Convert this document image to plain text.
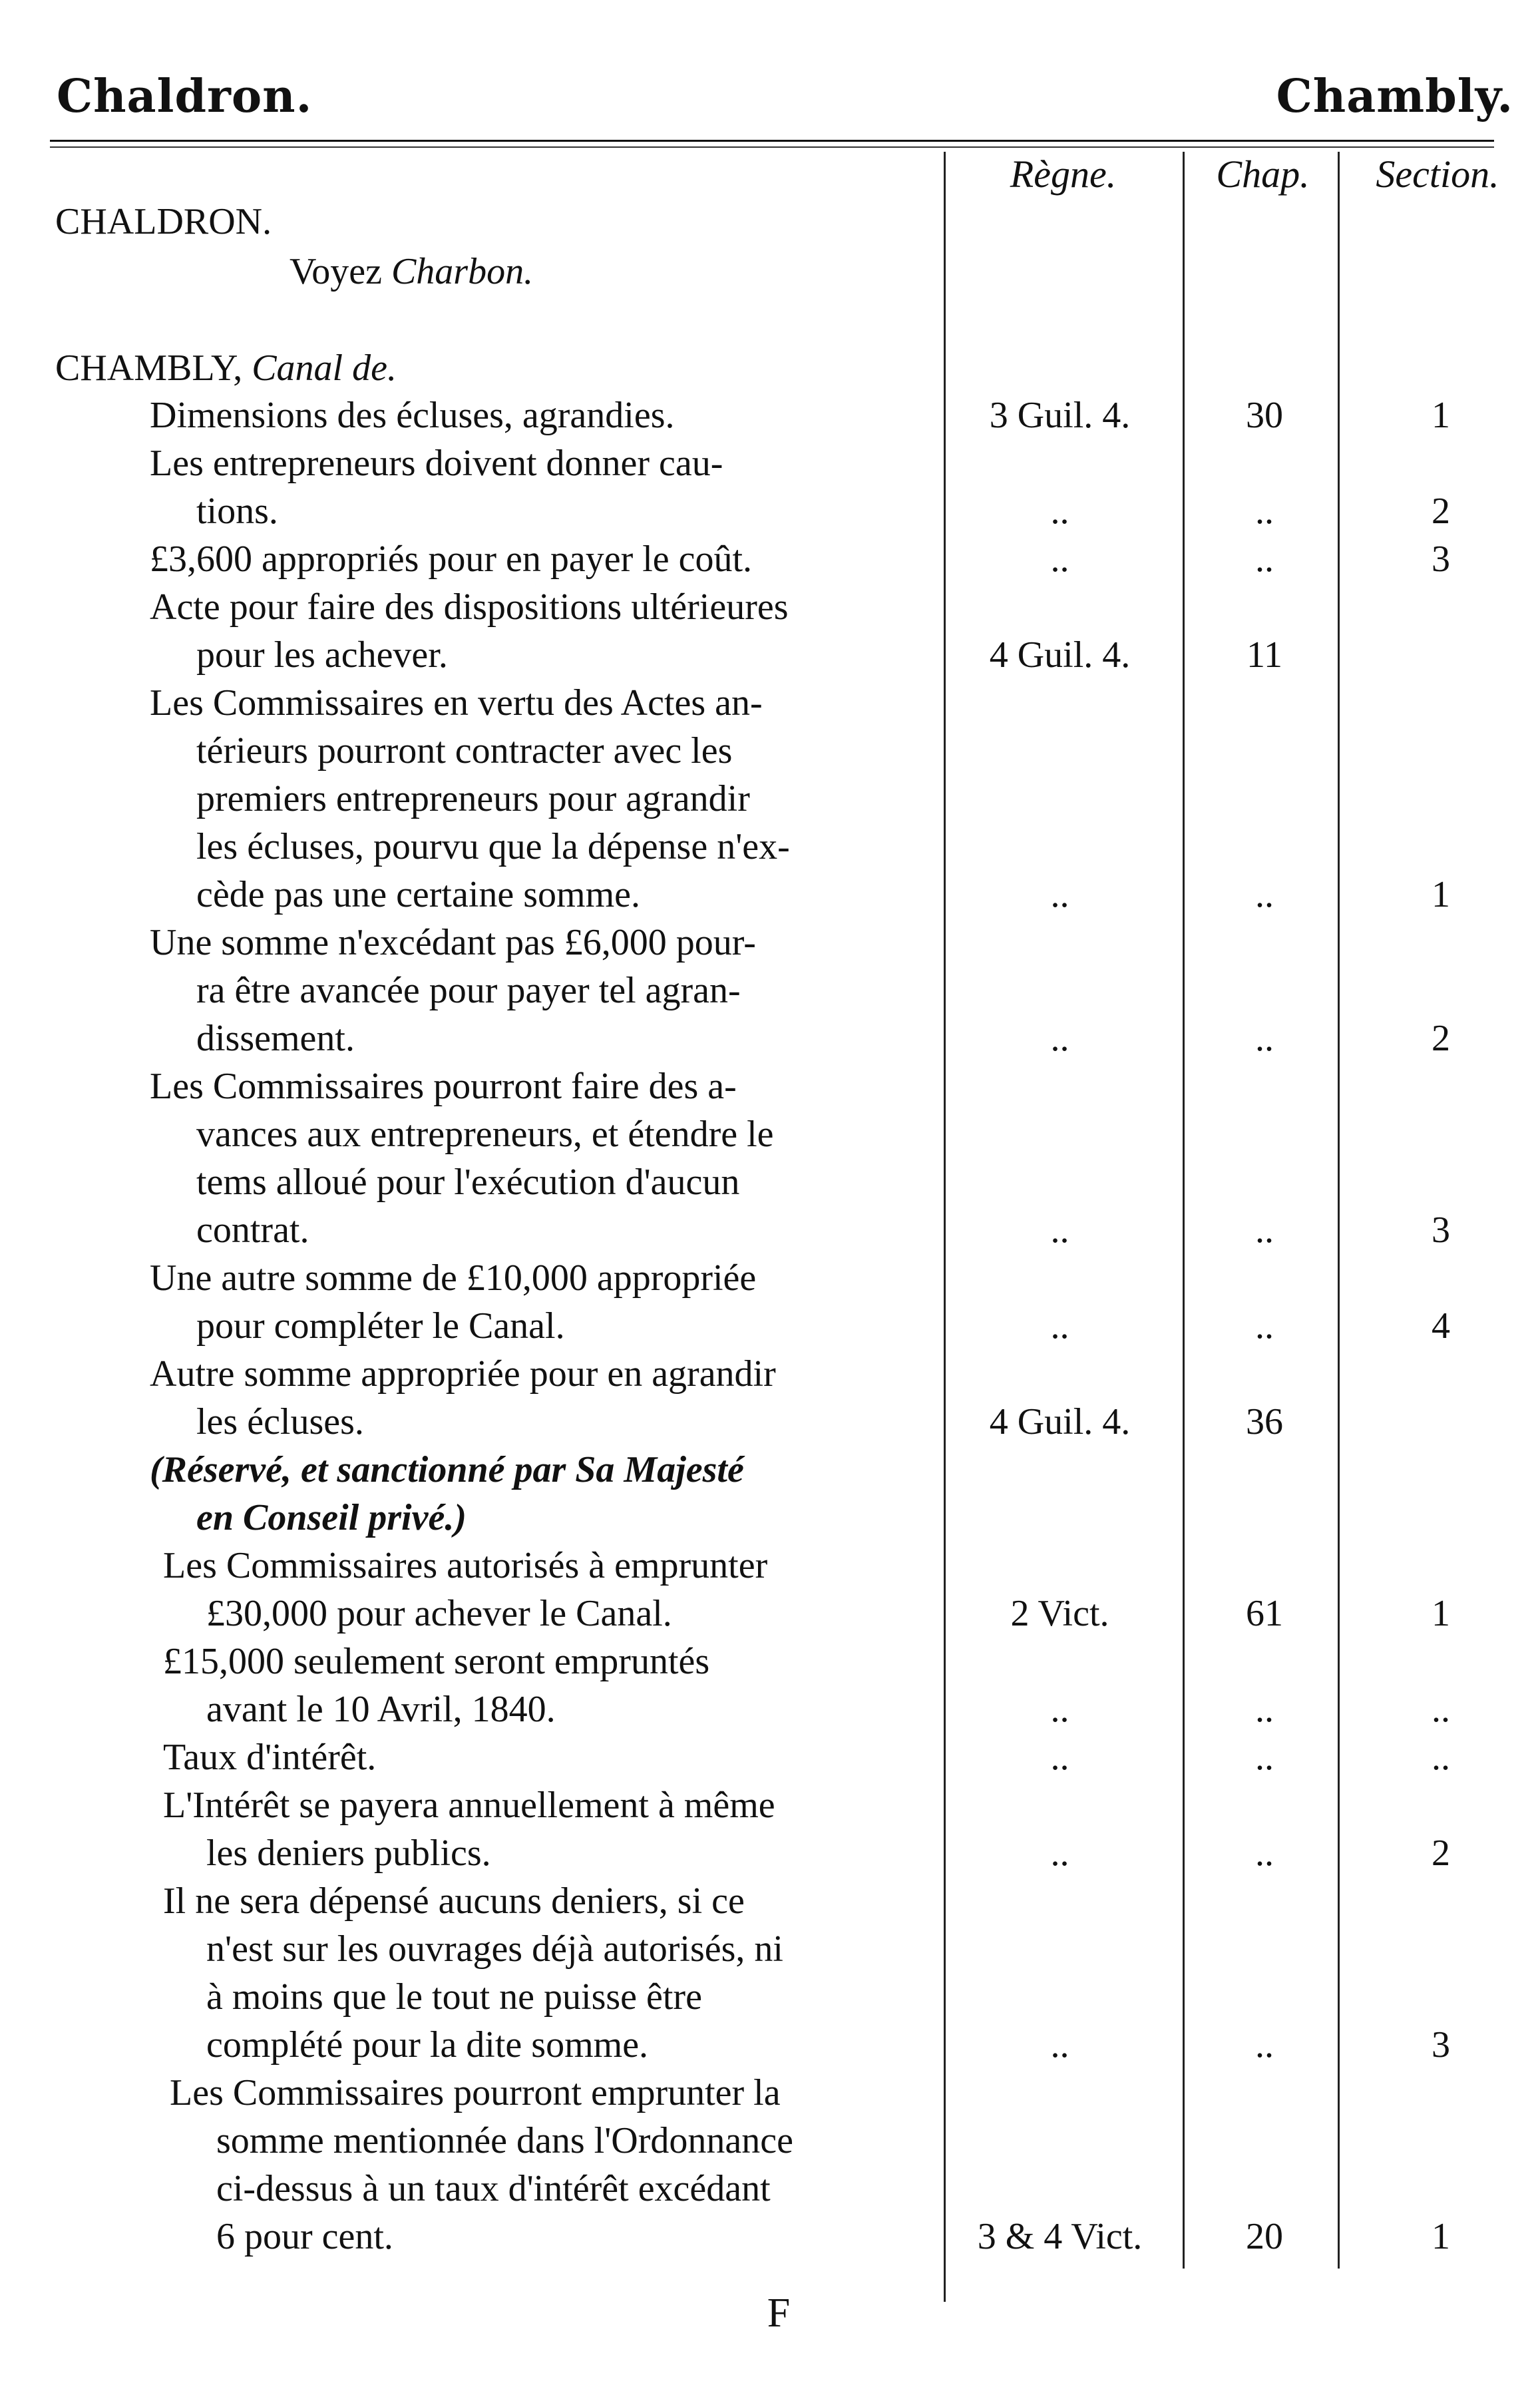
Chaldron.	Chambly.
Règne.	Chap.	Section.
CHALDRON.
Voyez Charbon.
CHAMBLY, Canal de.
Dimensions des écluses, agrandies.	3 Guil. 4.	30	1
Les entrepreneurs doivent donner cau-
tions.	..	..	2
£3,600 appropriés pour en payer le coût.	..	..	3
Acte pour faire des dispositions ultérieures
pour les achever.	4 Guil. 4.	11
Les Commissaires en vertu des Actes an-
térieurs pourront contracter avec les
premiers entrepreneurs pour agrandir
les écluses, pourvu que la dépense n'ex-
cède pas une certaine somme.	..	..	1
Une somme n'excédant pas £6,000 pour-
ra être avancée pour payer tel agran-
dissement.	..	..	2
Les Commissaires pourront faire des a-
vances aux entrepreneurs, et étendre le
tems alloué pour l'exécution d'aucun
contrat.	..	..	3
Une autre somme de £10,000 appropriée
pour compléter le Canal.	..	..	4
Autre somme appropriée pour en agrandir
les écluses.	4 Guil. 4.	36
(Réservé, et sanctionné par Sa Majesté
en Conseil privé.)
Les Commissaires autorisés à emprunter
£30,000 pour achever le Canal.	2 Vict.	61	1
£15,000 seulement seront empruntés
avant le 10 Avril, 1840.	..	..	..
Taux d'intérêt.	..	..	..
L'Intérêt se payera annuellement à même
les deniers publics.	..	..	2
Il ne sera dépensé aucuns deniers, si ce
n'est sur les ouvrages déjà autorisés, ni
à moins que le tout ne puisse être
complété pour la dite somme.	..	..	3
Les Commissaires pourront emprunter la
somme mentionnée dans l'Ordonnance
ci-dessus à un taux d'intérêt excédant
6 pour cent.	3 & 4 Vict.	20	1
F
